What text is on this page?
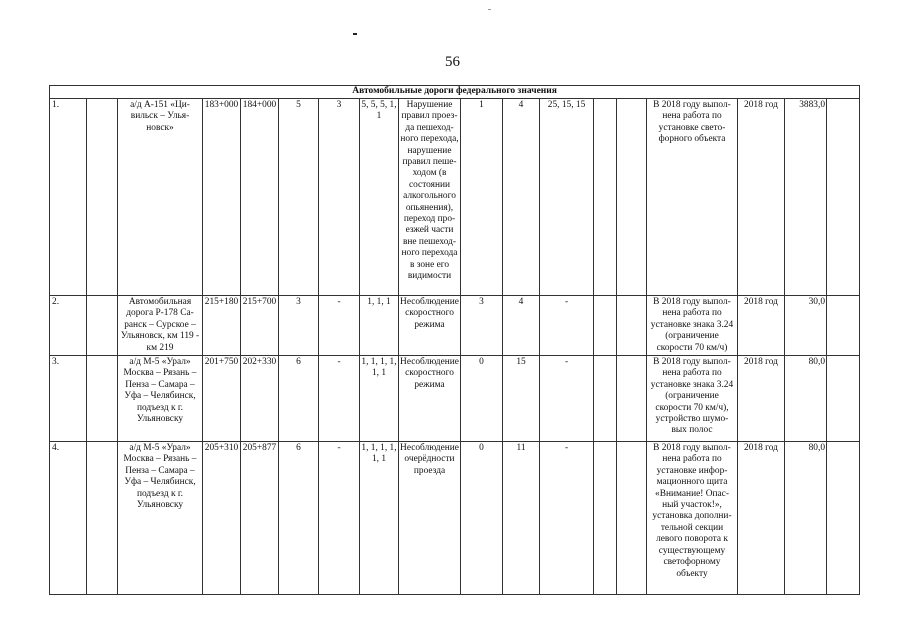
56
Автомобильные дороги федерального значения																	
1.		а/д А-151 «Ци-вильск – Улья-новск»	183+000	184+000	5	3	5, 5, 5, 1, 1	Нарушение правил проез-да пешеход-ного перехода, нарушение правил пеше-ходом (в состоянии алкогольного опьянения), переход про-езжей части вне пешеход-ного перехода в зоне его видимости	1	4	25, 15, 15			В 2018 году выпол-нена работа по установке свето-форного объекта	2018 год	3883,0	
2.		Автомобильная дорога Р-178 Са-ранск – Сурское – Ульяновск, км 119 - км 219	215+180	215+700	3	-	1, 1, 1	Несоблюдение скоростного режима	3	4	-			В 2018 году выпол-нена работа по установке знака 3.24 (ограничение скорости 70 км/ч)	2018 год	30,0	
3.		а/д М-5 «Урал» Москва – Рязань – Пенза – Самара – Уфа – Челябинск, подъезд к г. Ульяновску	201+750	202+330	6	-	1, 1, 1, 1, 1, 1	Несоблюдение скоростного режима	0	15	-			В 2018 году выпол-нена работа по установке знака 3.24 (ограничение скорости 70 км/ч), устройство шумо-вых полос	2018 год	80,0	
4.		а/д М-5 «Урал» Москва – Рязань – Пенза – Самара – Уфа – Челябинск, подъезд к г. Ульяновску	205+310	205+877	6	-	1, 1, 1, 1, 1, 1	Несоблюдение очерёдности проезда	0	11	-			В 2018 году выпол-нена работа по установке инфор-мационного щита «Внимание! Опас-ный участок!», установка дополни-тельной секции левого поворота к существующему светофорному объекту	2018 год	80,0	
